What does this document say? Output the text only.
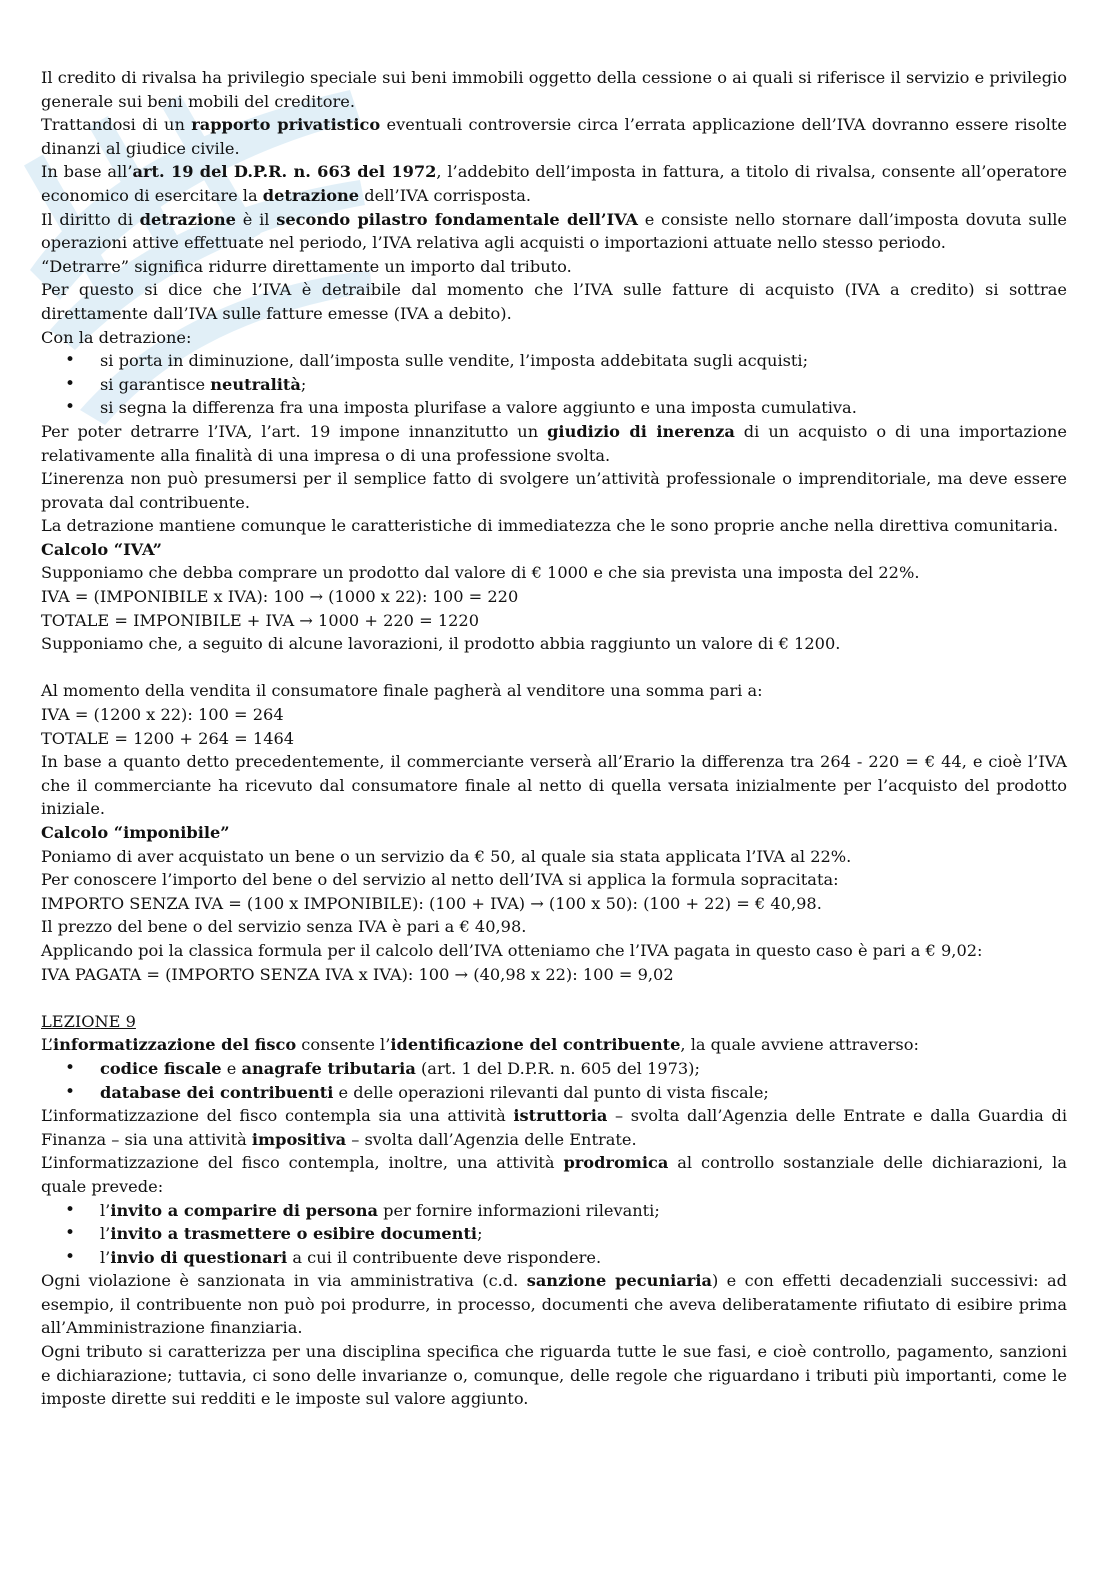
Il credito di rivalsa ha privilegio speciale sui beni immobili oggetto della cessione o ai quali si riferisce il servizio e privilegio generale sui beni mobili del creditore.

Trattandosi di un rapporto privatistico eventuali controversie circa l’errata applicazione dell’IVA dovranno essere risolte dinanzi al giudice civile.

In base all’art. 19 del D.P.R. n. 663 del 1972, l’addebito dell’imposta in fattura, a titolo di rivalsa, consente all’operatore economico di esercitare la detrazione dell’IVA corrisposta.

Il diritto di detrazione è il secondo pilastro fondamentale dell’IVA e consiste nello stornare dall’imposta dovuta sulle operazioni attive effettuate nel periodo, l’IVA relativa agli acquisti o importazioni attuate nello stesso periodo.

“Detrarre” significa ridurre direttamente un importo dal tributo.

Per questo si dice che l’IVA è detraibile dal momento che l’IVA sulle fatture di acquisto (IVA a credito) si sottrae direttamente dall’IVA sulle fatture emesse (IVA a debito).

Con la detrazione:

• si porta in diminuzione, dall’imposta sulle vendite, l’imposta addebitata sugli acquisti;
• si garantisce neutralità;
• si segna la differenza fra una imposta plurifase a valore aggiunto e una imposta cumulativa.

Per poter detrarre l’IVA, l’art. 19 impone innanzitutto un giudizio di inerenza di un acquisto o di una importazione relativamente alla finalità di una impresa o di una professione svolta.

L’inerenza non può presumersi per il semplice fatto di svolgere un’attività professionale o imprenditoriale, ma deve essere provata dal contribuente.

La detrazione mantiene comunque le caratteristiche di immediatezza che le sono proprie anche nella direttiva comunitaria.

Calcolo “IVA”

Supponiamo che debba comprare un prodotto dal valore di € 1000 e che sia prevista una imposta del 22%.

IVA = (IMPONIBILE x IVA): 100 → (1000 x 22): 100 = 220

TOTALE = IMPONIBILE + IVA → 1000 + 220 = 1220

Supponiamo che, a seguito di alcune lavorazioni, il prodotto abbia raggiunto un valore di € 1200.

Al momento della vendita il consumatore finale pagherà al venditore una somma pari a:

IVA = (1200 x 22): 100 = 264

TOTALE = 1200 + 264 = 1464

In base a quanto detto precedentemente, il commerciante verserà all’Erario la differenza tra 264 - 220 = € 44, e cioè l’IVA che il commerciante ha ricevuto dal consumatore finale al netto di quella versata inizialmente per l’acquisto del prodotto iniziale.

Calcolo “imponibile”

Poniamo di aver acquistato un bene o un servizio da € 50, al quale sia stata applicata l’IVA al 22%.

Per conoscere l’importo del bene o del servizio al netto dell’IVA si applica la formula sopracitata:

IMPORTO SENZA IVA = (100 x IMPONIBILE): (100 + IVA) → (100 x 50): (100 + 22) = € 40,98.

Il prezzo del bene o del servizio senza IVA è pari a € 40,98.

Applicando poi la classica formula per il calcolo dell’IVA otteniamo che l’IVA pagata in questo caso è pari a € 9,02:

IVA PAGATA = (IMPORTO SENZA IVA x IVA): 100 → (40,98 x 22): 100 = 9,02

LEZIONE 9

L’informatizzazione del fisco consente l’identificazione del contribuente, la quale avviene attraverso:

• codice fiscale e anagrafe tributaria (art. 1 del D.P.R. n. 605 del 1973);
• database dei contribuenti e delle operazioni rilevanti dal punto di vista fiscale;

L’informatizzazione del fisco contempla sia una attività istruttoria – svolta dall’Agenzia delle Entrate e dalla Guardia di Finanza – sia una attività impositiva – svolta dall’Agenzia delle Entrate.

L’informatizzazione del fisco contempla, inoltre, una attività prodromica al controllo sostanziale delle dichiarazioni, la quale prevede:

• l’invito a comparire di persona per fornire informazioni rilevanti;
• l’invito a trasmettere o esibire documenti;
• l’invio di questionari a cui il contribuente deve rispondere.

Ogni violazione è sanzionata in via amministrativa (c.d. sanzione pecuniaria) e con effetti decadenziali successivi: ad esempio, il contribuente non può poi produrre, in processo, documenti che aveva deliberatamente rifiutato di esibire prima all’Amministrazione finanziaria.

Ogni tributo si caratterizza per una disciplina specifica che riguarda tutte le sue fasi, e cioè controllo, pagamento, sanzioni e dichiarazione; tuttavia, ci sono delle invarianze o, comunque, delle regole che riguardano i tributi più importanti, come le imposte dirette sui redditi e le imposte sul valore aggiunto.
